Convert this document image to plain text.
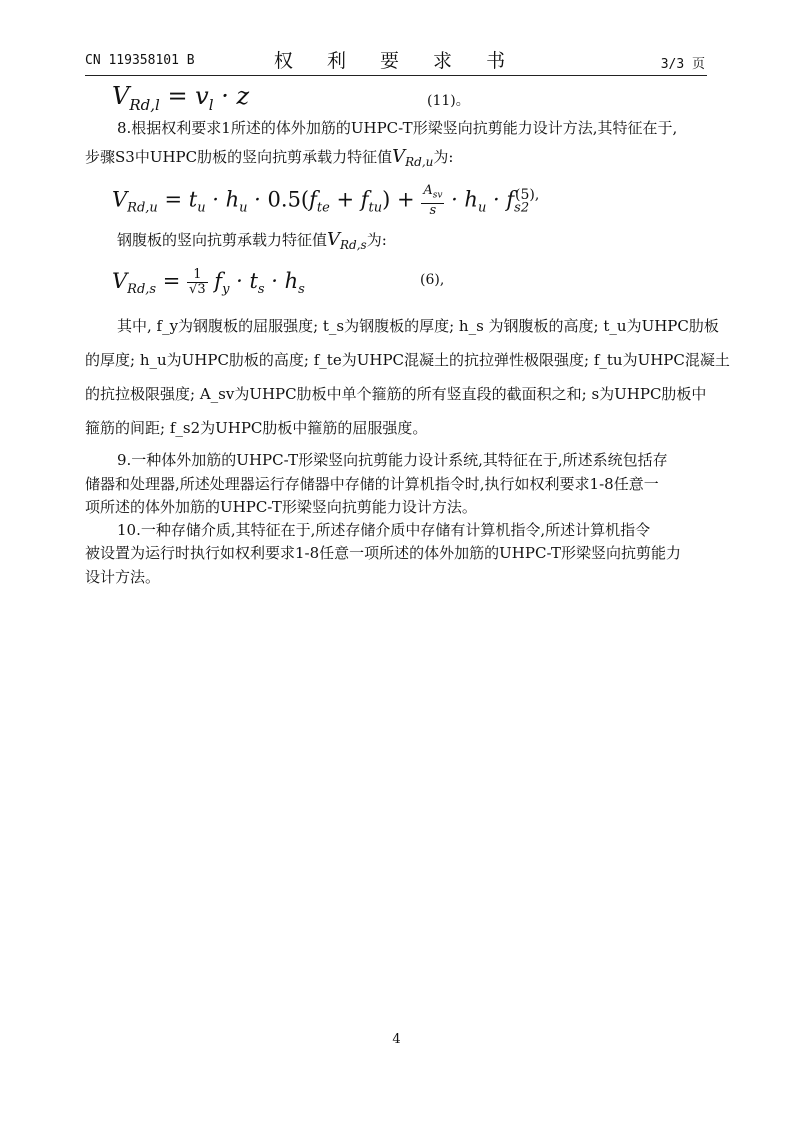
CN 119358101 B	权 利 要 求 书	3/3 页
$V_{Rd,l} = v_l \cdot z$	(11)。
8.根据权利要求1所述的体外加筋的UHPC-T形梁竖向抗剪能力设计方法,其特征在于,
步骤S3中UHPC肋板的竖向抗剪承载力特征值$V_{Rd,u}$为:
$V_{Rd,u} = t_u \cdot h_u \cdot 0.5(f_{te} + f_{tu}) + \frac{A_{sv}}{s} \cdot h_u \cdot f_{s2}$
(5),
钢腹板的竖向抗剪承载力特征值$V_{Rd,s}$为:
$V_{Rd,s} = \frac{1}{√3} f_y \cdot t_s \cdot h_s$
(6),
其中, f_y为钢腹板的屈服强度; t_s为钢腹板的厚度; h_s 为钢腹板的高度; t_u为UHPC肋板
的厚度; h_u为UHPC肋板的高度; f_te为UHPC混凝土的抗拉弹性极限强度; f_tu为UHPC混凝土
的抗拉极限强度; A_sv为UHPC肋板中单个箍筋的所有竖直段的截面积之和; s为UHPC肋板中
箍筋的间距; f_s2为UHPC肋板中箍筋的屈服强度。
9.一种体外加筋的UHPC-T形梁竖向抗剪能力设计系统,其特征在于,所述系统包括存
储器和处理器,所述处理器运行存储器中存储的计算机指令时,执行如权利要求1-8任意一
项所述的体外加筋的UHPC-T形梁竖向抗剪能力设计方法。
10.一种存储介质,其特征在于,所述存储介质中存储有计算机指令,所述计算机指令
被设置为运行时执行如权利要求1-8任意一项所述的体外加筋的UHPC-T形梁竖向抗剪能力
设计方法。
4
